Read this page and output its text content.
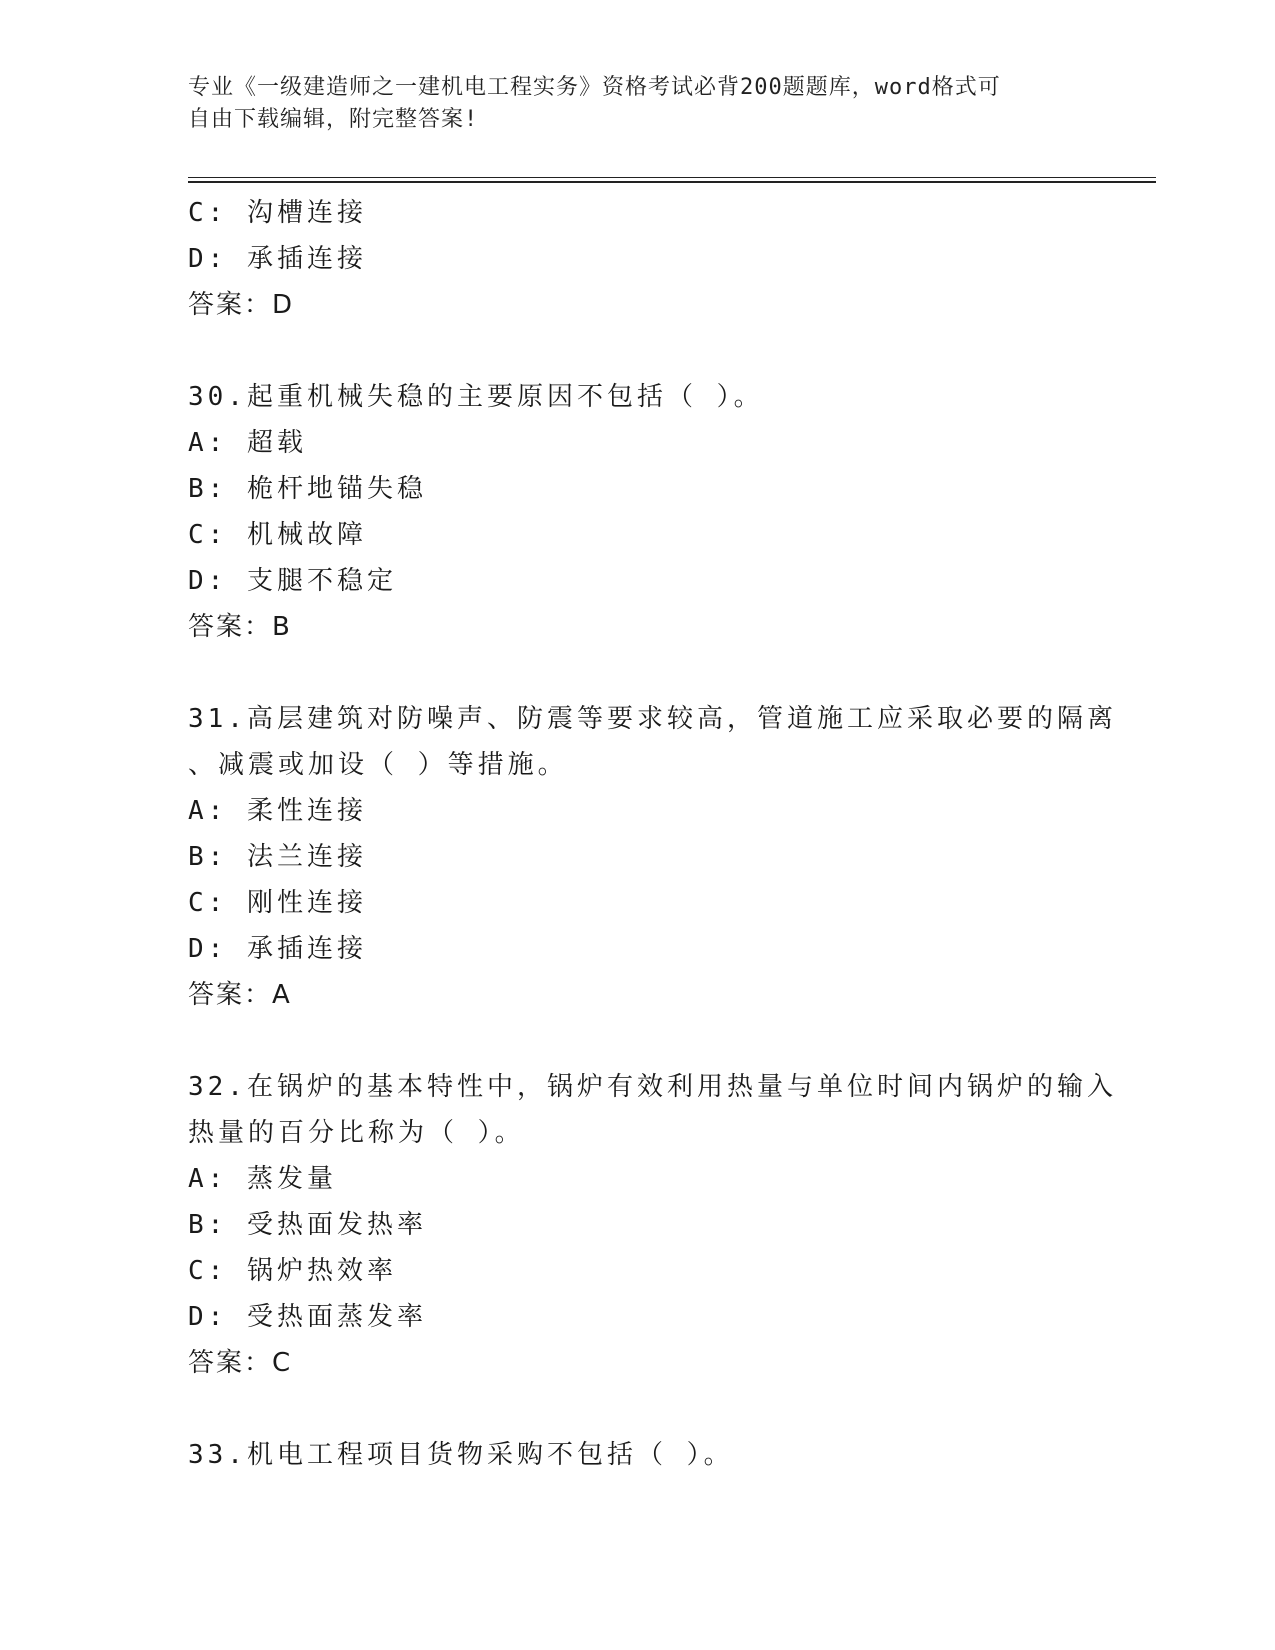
专业《一级建造师之一建机电工程实务》资格考试必背200题题库，word格式可
自由下载编辑，附完整答案!
C: 沟槽连接
D: 承插连接
答案：D
30.起重机械失稳的主要原因不包括（ ）。
A: 超载
B: 桅杆地锚失稳
C: 机械故障
D: 支腿不稳定
答案：B
31.高层建筑对防噪声、防震等要求较高，管道施工应采取必要的隔离
、减震或加设（ ）等措施。
A: 柔性连接
B: 法兰连接
C: 刚性连接
D: 承插连接
答案：A
32.在锅炉的基本特性中，锅炉有效利用热量与单位时间内锅炉的输入
热量的百分比称为（ ）。
A: 蒸发量
B: 受热面发热率
C: 锅炉热效率
D: 受热面蒸发率
答案：C
33.机电工程项目货物采购不包括（ ）。
